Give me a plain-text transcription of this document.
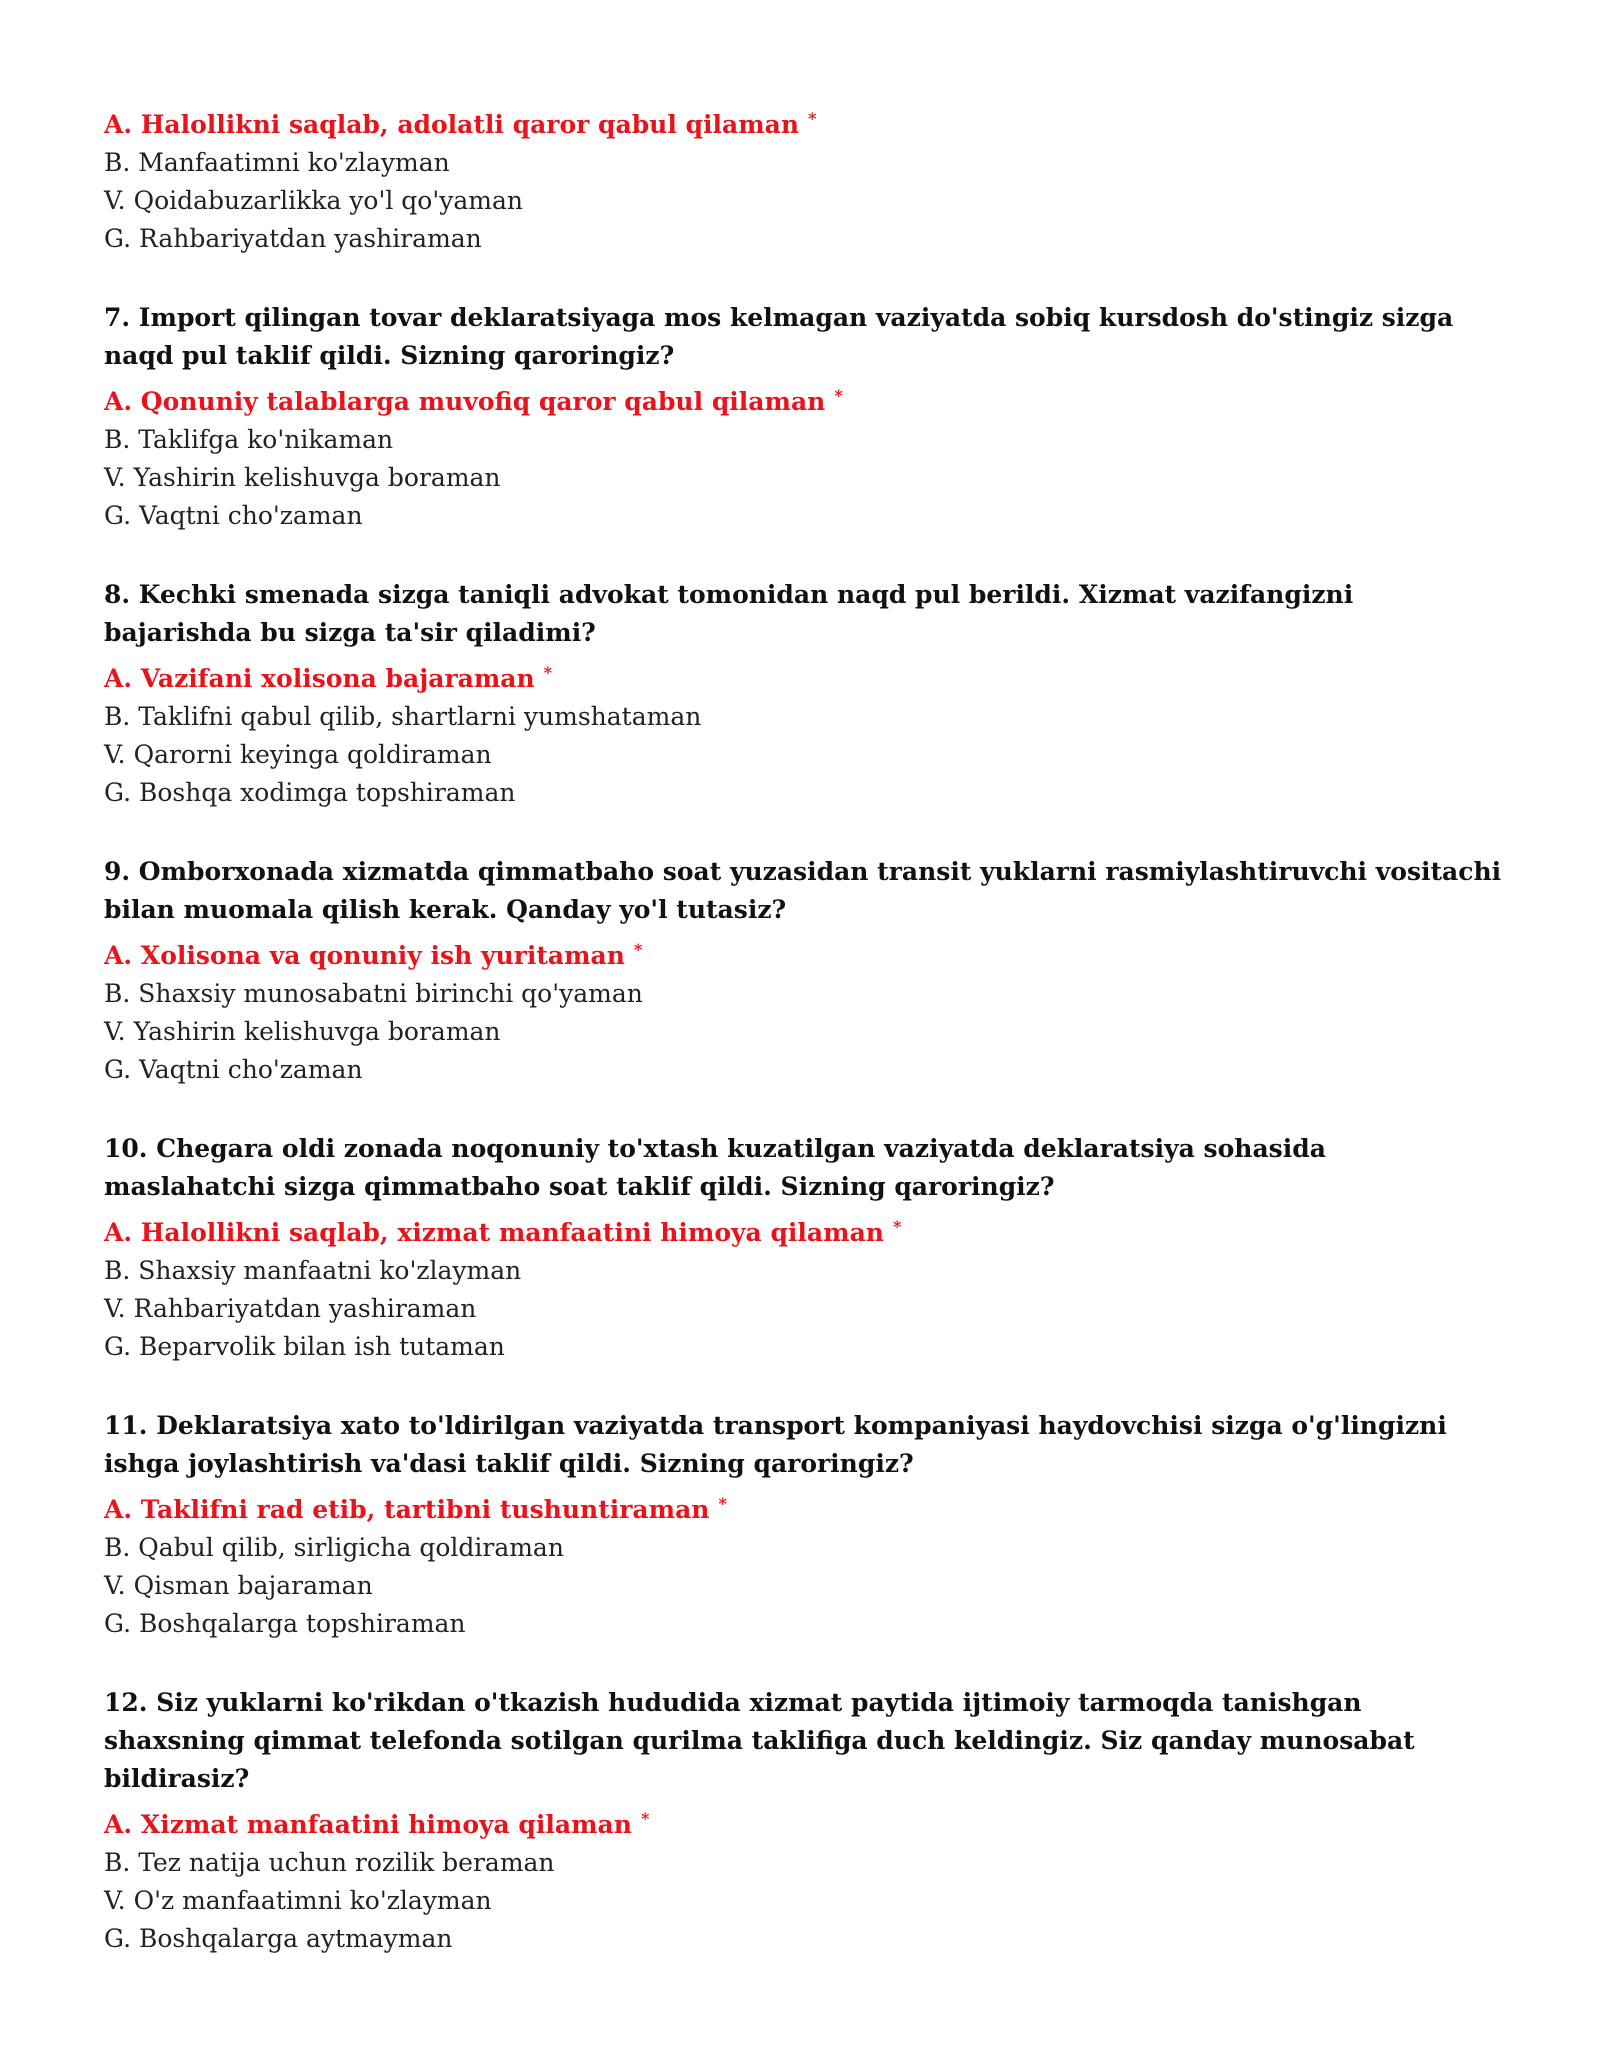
A. Halollikni saqlab, adolatli qaror qabul qilaman *
B. Manfaatimni ko'zlayman
V. Qoidabuzarlikka yo'l qo'yaman
G. Rahbariyatdan yashiraman
7. Import qilingan tovar deklaratsiyaga mos kelmagan vaziyatda sobiq kursdosh do'stingiz sizga naqd pul taklif qildi. Sizning qaroringiz?
A. Qonuniy talablarga muvofiq qaror qabul qilaman *
B. Taklifga ko'nikaman
V. Yashirin kelishuvga boraman
G. Vaqtni cho'zaman
8. Kechki smenada sizga taniqli advokat tomonidan naqd pul berildi. Xizmat vazifangizni bajarishda bu sizga ta'sir qiladimi?
A. Vazifani xolisona bajaraman *
B. Taklifni qabul qilib, shartlarni yumshataman
V. Qarorni keyinga qoldiraman
G. Boshqa xodimga topshiraman
9. Omborxonada xizmatda qimmatbaho soat yuzasidan transit yuklarni rasmiylashtiruvchi vositachi bilan muomala qilish kerak. Qanday yo'l tutasiz?
A. Xolisona va qonuniy ish yuritaman *
B. Shaxsiy munosabatni birinchi qo'yaman
V. Yashirin kelishuvga boraman
G. Vaqtni cho'zaman
10. Chegara oldi zonada noqonuniy to'xtash kuzatilgan vaziyatda deklaratsiya sohasida maslahatchi sizga qimmatbaho soat taklif qildi. Sizning qaroringiz?
A. Halollikni saqlab, xizmat manfaatini himoya qilaman *
B. Shaxsiy manfaatni ko'zlayman
V. Rahbariyatdan yashiraman
G. Beparvolik bilan ish tutaman
11. Deklaratsiya xato to'ldirilgan vaziyatda transport kompaniyasi haydovchisi sizga o'g'lingizni ishga joylashtirish va'dasi taklif qildi. Sizning qaroringiz?
A. Taklifni rad etib, tartibni tushuntiraman *
B. Qabul qilib, sirligicha qoldiraman
V. Qisman bajaraman
G. Boshqalarga topshiraman
12. Siz yuklarni ko'rikdan o'tkazish hududida xizmat paytida ijtimoiy tarmoqda tanishgan shaxsning qimmat telefonda sotilgan qurilma taklifiga duch keldingiz. Siz qanday munosabat bildirasiz?
A. Xizmat manfaatini himoya qilaman *
B. Tez natija uchun rozilik beraman
V. O'z manfaatimni ko'zlayman
G. Boshqalarga aytmayman
